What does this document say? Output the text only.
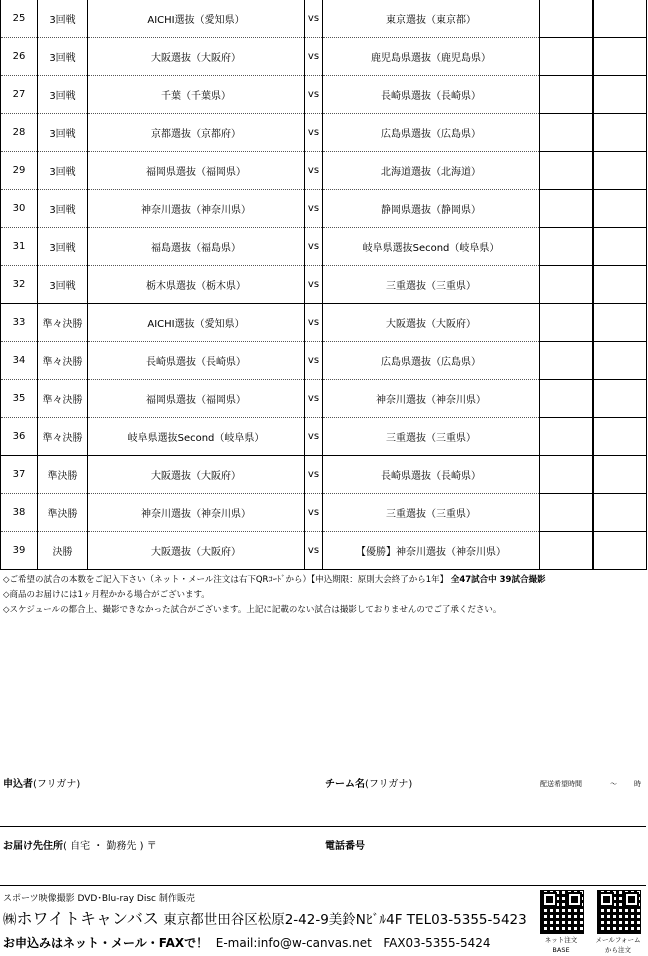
25	3回戦	AICHI選抜（愛知県）	vs	東京選抜（東京都）			
26	3回戦	大阪選抜（大阪府）	vs	鹿児島県選抜（鹿児島県）			
27	3回戦	千葉（千葉県）	vs	長崎県選抜（長崎県）			
28	3回戦	京都選抜（京都府）	vs	広島県選抜（広島県）			
29	3回戦	福岡県選抜（福岡県）	vs	北海道選抜（北海道）			
30	3回戦	神奈川選抜（神奈川県）	vs	静岡県選抜（静岡県）			
31	3回戦	福島選抜（福島県）	vs	岐阜県選抜Second（岐阜県）			
32	3回戦	栃木県選抜（栃木県）	vs	三重選抜（三重県）			
33	準々決勝	AICHI選抜（愛知県）	vs	大阪選抜（大阪府）			
34	準々決勝	長崎県選抜（長崎県）	vs	広島県選抜（広島県）			
35	準々決勝	福岡県選抜（福岡県）	vs	神奈川選抜（神奈川県）			
36	準々決勝	岐阜県選抜Second（岐阜県）	vs	三重選抜（三重県）			
37	準決勝	大阪選抜（大阪府）	vs	長崎県選抜（長崎県）			
38	準決勝	神奈川選抜（神奈川県）	vs	三重選抜（三重県）			
39	決勝	大阪選抜（大阪府）	vs	【優勝】神奈川選抜（神奈川県）			
◇ご希望の試合の本数をご記入下さい（ネット・メール注文は右下QRｺｰﾄﾞから）【申込期限：原則大会終了から1年】 全47試合中 39試合撮影
◇商品のお届けには1ヶ月程かかる場合がございます。
◇スケジュールの都合上、撮影できなかった試合がございます。上記に記載のない試合は撮影しておりませんのでご了承ください。
申込者(フリガナ)	チーム名(フリガナ)	配送希望時間	～ 時
お届け先住所( 自宅 ・ 勤務先 ) 〒	電話番号
スポーツ映像撮影 DVD･Blu-ray Disc 制作販売
㈱ホワイトキャンバス 東京都世田谷区松原2-42-9美鈴Nﾋﾞﾙ4F TEL03-5355-5423
お申込みはネット・メール・FAXで！ E-mail:info@w-canvas.net FAX03-5355-5424	ネット注文
BASE
メールフォーム
から注文
